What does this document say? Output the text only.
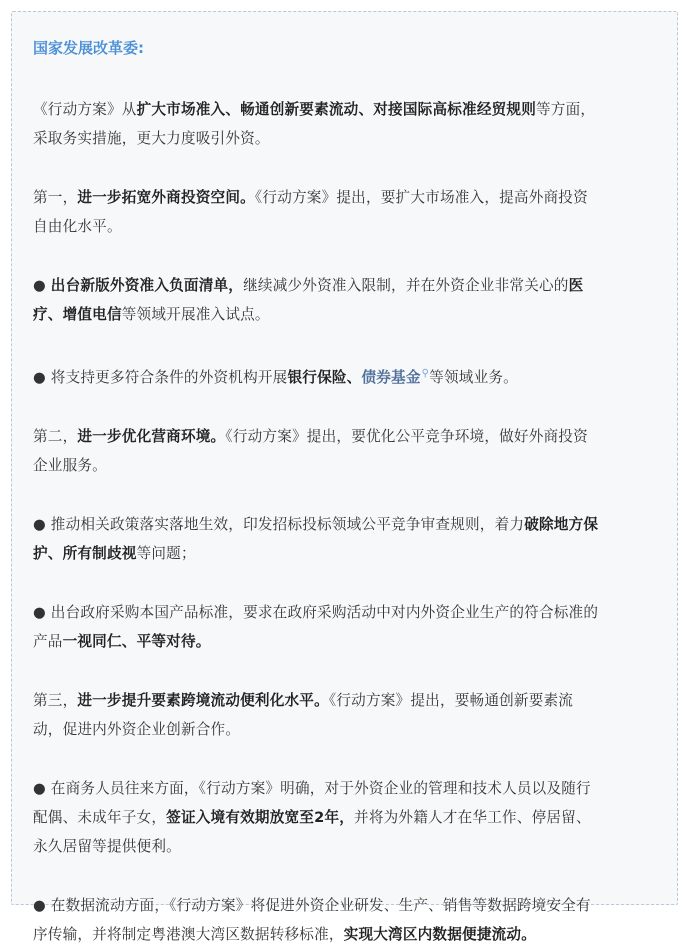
国家发展改革委:

《行动方案》从扩大市场准入、畅通创新要素流动、对接国际高标准经贸规则等方面，
采取务实措施，更大力度吸引外资。

第一，进一步拓宽外商投资空间。《行动方案》提出，要扩大市场准入，提高外商投资
自由化水平。

● 出台新版外资准入负面清单，继续减少外资准入限制，并在外资企业非常关心的医
疗、增值电信等领域开展准入试点。

● 将支持更多符合条件的外资机构开展银行保险、债券基金⚲等领域业务。

第二，进一步优化营商环境。《行动方案》提出，要优化公平竞争环境，做好外商投资
企业服务。

● 推动相关政策落实落地生效，印发招标投标领域公平竞争审查规则，着力破除地方保
护、所有制歧视等问题；

● 出台政府采购本国产品标准，要求在政府采购活动中对内外资企业生产的符合标准的
产品一视同仁、平等对待。

第三，进一步提升要素跨境流动便利化水平。《行动方案》提出，要畅通创新要素流
动，促进内外资企业创新合作。

● 在商务人员往来方面，《行动方案》明确，对于外资企业的管理和技术人员以及随行
配偶、未成年子女，签证入境有效期放宽至2年，并将为外籍人才在华工作、停居留、
永久居留等提供便利。

● 在数据流动方面，《行动方案》将促进外资企业研发、生产、销售等数据跨境安全有
序传输，并将制定粤港澳大湾区数据转移标准，实现大湾区内数据便捷流动。
